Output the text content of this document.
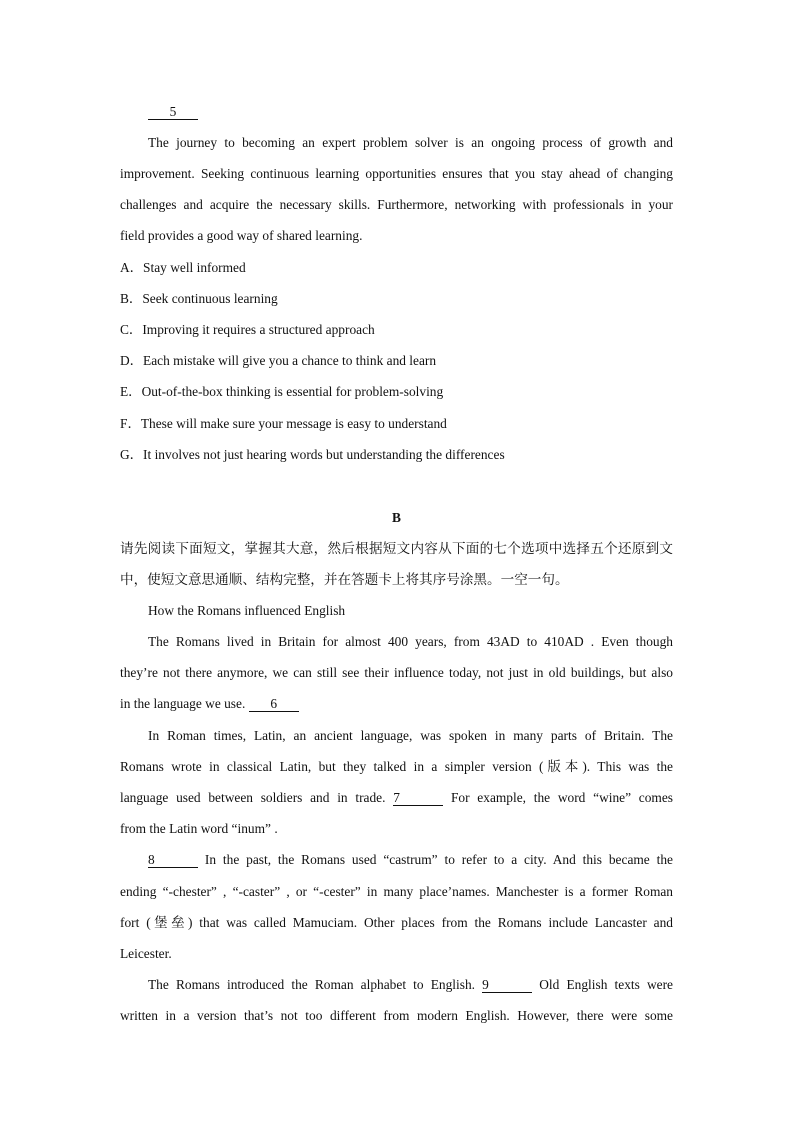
5
The journey to becoming an expert problem solver is an ongoing process of growth and
improvement. Seeking continuous learning opportunities ensures that you stay ahead of changing
challenges and acquire the necessary skills. Furthermore, networking with professionals in your
field provides a good way of shared learning.
A．Stay well informed
B．Seek continuous learning
C．Improving it requires a structured approach
D．Each mistake will give you a chance to think and learn
E．Out-of-the-box thinking is essential for problem-solving
F．These will make sure your message is easy to understand
G．It involves not just hearing words but understanding the differences
B
请先阅读下面短文，掌握其大意，然后根据短文内容从下面的七个选项中选择五个还原到文
中，使短文意思通顺、结构完整，并在答题卡上将其序号涂黑。一空一句。
How the Romans influenced English
The Romans lived in Britain for almost 400 years, from 43AD to 410AD . Even though
they’re not there anymore, we can still see their influence today, not just in old buildings, but also
in the language we use. 6
In Roman times, Latin, an ancient language, was spoken in many parts of Britain. The
Romans wrote in classical Latin, but they talked in a simpler version (版本). This was the
language used between soldiers and in trade. 7	For example, the word “wine” comes
from the Latin word “inum” .
8	In the past, the Romans used “castrum” to refer to a city. And this became the
ending “-chester” , “-caster” , or “-cester” in many place’names. Manchester is a former Roman
fort (堡垒) that was called Mamuciam. Other places from the Romans include Lancaster and
Leicester.
The Romans introduced the Roman alphabet to English. 9	Old English texts were
written in a version that’s not too different from modern English. However, there were some
